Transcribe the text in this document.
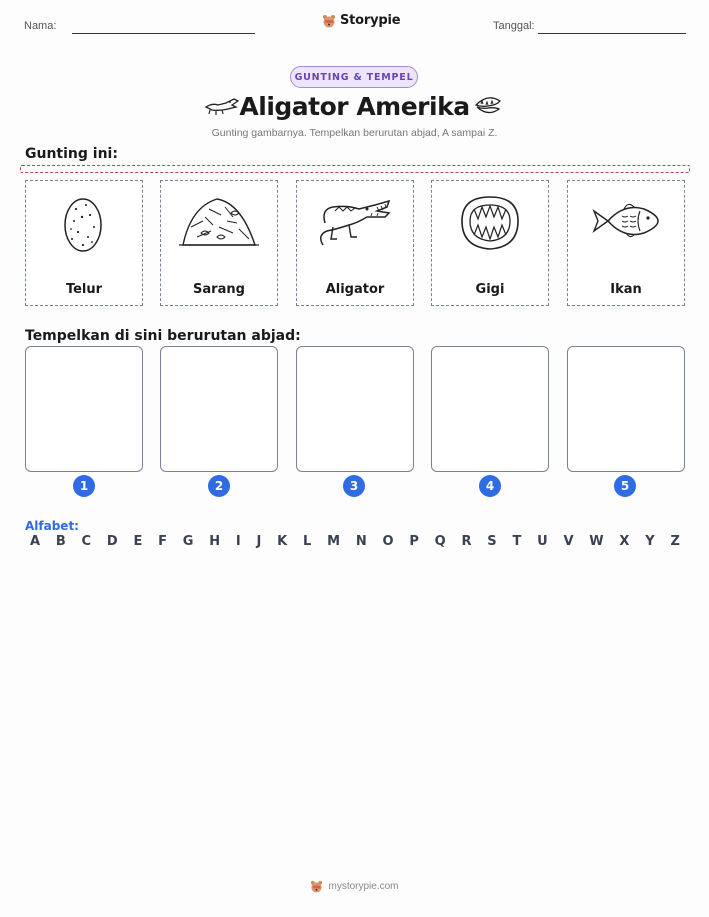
Nama:	Storypie	Tanggal:
GUNTING & TEMPEL
Aligator Amerika
Gunting gambarnya. Tempelkan berurutan abjad, A sampai Z.
Gunting ini:
Telur	Sarang	Aligator	Gigi	Ikan
Tempelkan di sini berurutan abjad:
1	2	3	4	5
Alfabet:
A B C D E F G H I J K L M N O P Q R S T U V W X Y Z
mystorypie.com
